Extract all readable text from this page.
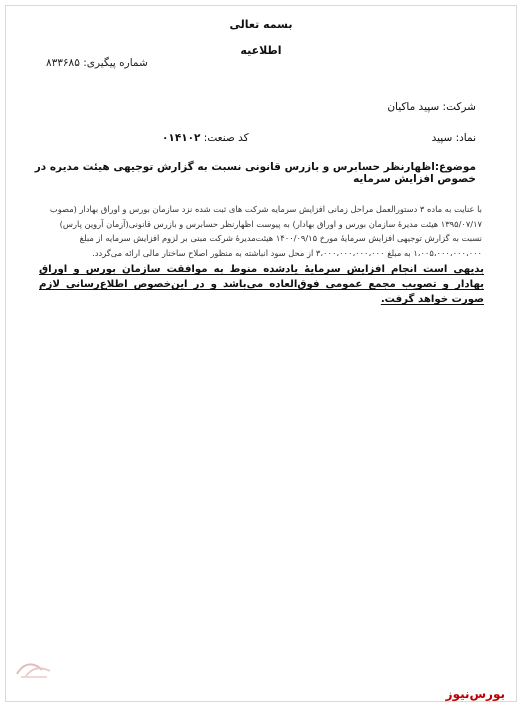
بسمه تعالی
اطلاعیه
شماره پیگیری: ۸۳۳۶۸۵
شرکت: سپید ماکیان
نماد: سپید
کد صنعت: ۰۱۴۱۰۲
موضوع:اظهارنظر حسابرس و بازرس قانونی نسبت به گزارش توجیهی هیئت مدیره در خصوص افزایش سرمایه

با عنایت به ماده ۳ دستورالعمل مراحل زمانی افزایش سرمایه شرکت های ثبت شده نزد سازمان بورس و اوراق بهادار (مصوب ۱۳۹۵/۰۷/۱۷ هیئت مدیرۀ سازمان بورس و اوراق بهادار) به پیوست اظهارنظر حسابرس و بازرس قانونی(آزمان آروین پارس) نسبت به گزارش توجیهی افزایش سرمایۀ مورخ ۱۴۰۰/۰۹/۱۵ هیئت‌مدیرۀ شرکت مبنی بر لزوم افزایش سرمایه از مبلغ ۱،۰۰۵،۰۰۰،۰۰۰،۰۰۰ به مبلغ ۳،۰۰۰،۰۰۰،۰۰۰،۰۰۰ از محل سود انباشته به منظور اصلاح ساختار مالی ارائه می‌گردد.

بدیهی است انجام افزایش سرمایۀ یادشده منوط به موافقت سازمان بورس و اوراق بهادار و تصویب مجمع عمومی فوق‌العاده می‌باشد و در این‌خصوص اطلاع‌رسانی لازم صورت خواهد گرفت.
بورس‌نیوز
